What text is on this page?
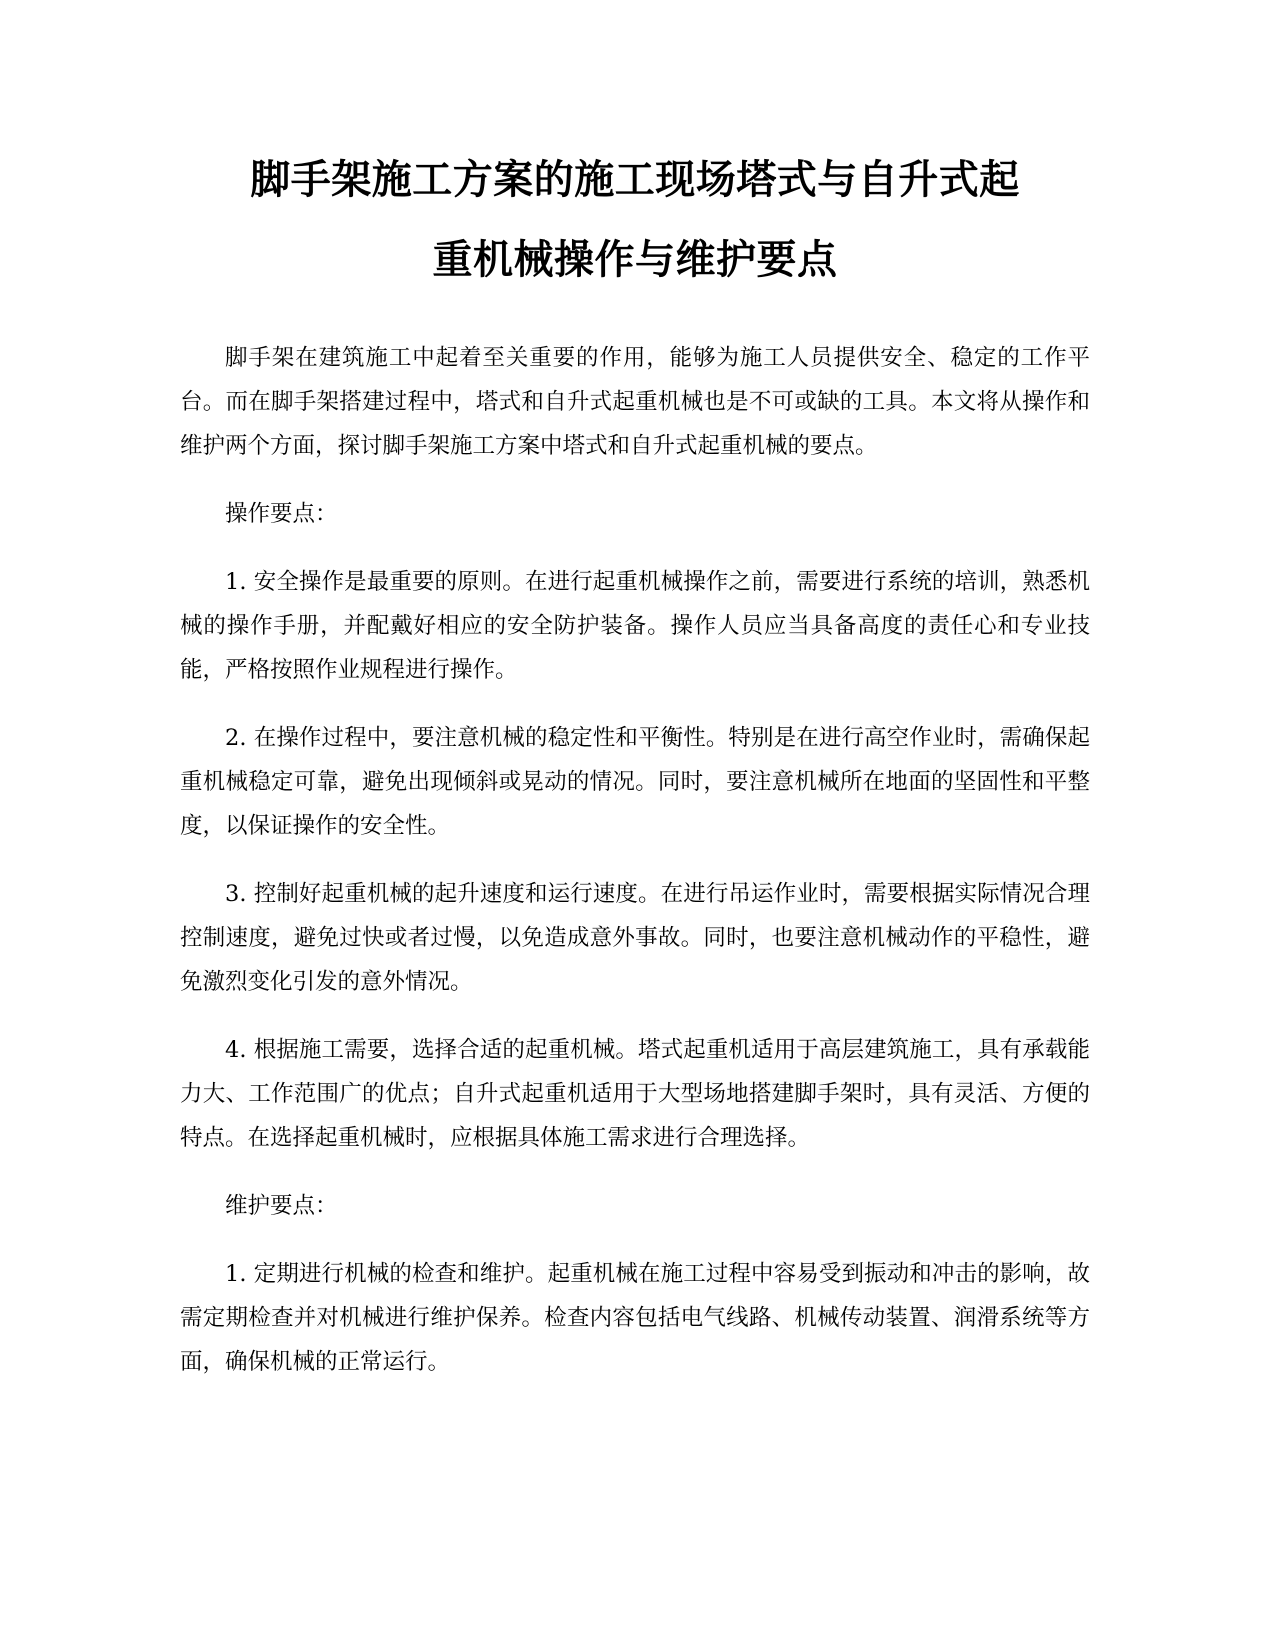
脚手架施工方案的施工现场塔式与自升式起
重机械操作与维护要点

脚手架在建筑施工中起着至关重要的作用，能够为施工人员提供安全、稳定的工作平台。而在脚手架搭建过程中，塔式和自升式起重机械也是不可或缺的工具。本文将从操作和维护两个方面，探讨脚手架施工方案中塔式和自升式起重机械的要点。

操作要点：

1. 安全操作是最重要的原则。在进行起重机械操作之前，需要进行系统的培训，熟悉机械的操作手册，并配戴好相应的安全防护装备。操作人员应当具备高度的责任心和专业技能，严格按照作业规程进行操作。

2. 在操作过程中，要注意机械的稳定性和平衡性。特别是在进行高空作业时，需确保起重机械稳定可靠，避免出现倾斜或晃动的情况。同时，要注意机械所在地面的坚固性和平整度，以保证操作的安全性。

3. 控制好起重机械的起升速度和运行速度。在进行吊运作业时，需要根据实际情况合理控制速度，避免过快或者过慢，以免造成意外事故。同时，也要注意机械动作的平稳性，避免激烈变化引发的意外情况。

4. 根据施工需要，选择合适的起重机械。塔式起重机适用于高层建筑施工，具有承载能力大、工作范围广的优点；自升式起重机适用于大型场地搭建脚手架时，具有灵活、方便的特点。在选择起重机械时，应根据具体施工需求进行合理选择。

维护要点：

1. 定期进行机械的检查和维护。起重机械在施工过程中容易受到振动和冲击的影响，故需定期检查并对机械进行维护保养。检查内容包括电气线路、机械传动装置、润滑系统等方面，确保机械的正常运行。
